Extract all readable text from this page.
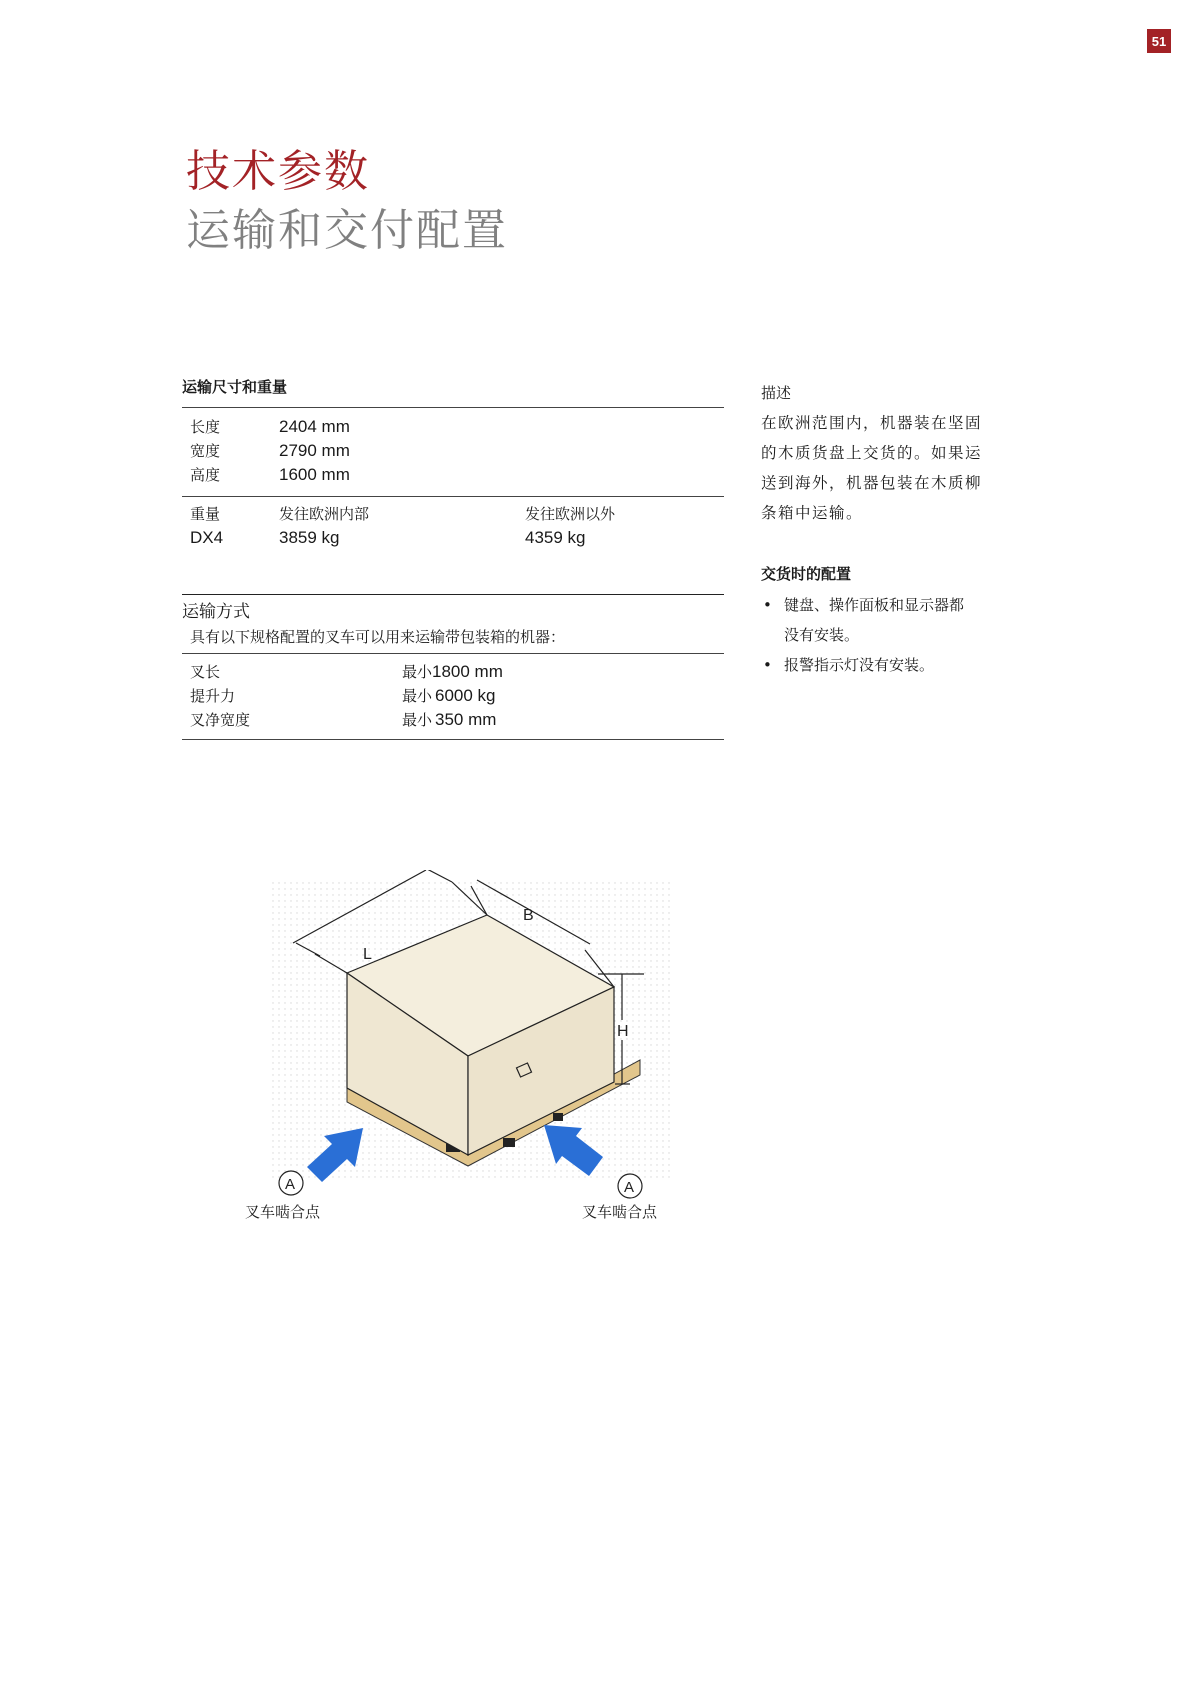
51
技术参数
运输和交付配置
运输尺寸和重量
长度	2404 mm
宽度	2790 mm
高度	1600 mm
重量	发往欧洲内部	发往欧洲以外
DX4	3859 kg	4359 kg
运输方式
具有以下规格配置的叉车可以用来运输带包装箱的机器：
叉长	最小 1800 mm
提升力	最小 6000 kg
叉净宽度	最小 350 mm
描述
在欧洲范围内，机器装在坚固
的木质货盘上交货的。如果运
送到海外，机器包装在木质柳
条箱中运输。
交货时的配置
• 键盘、操作面板和显示器都
没有安装。
• 报警指示灯没有安装。
L
B
H
A	A
叉车啮合点	叉车啮合点
